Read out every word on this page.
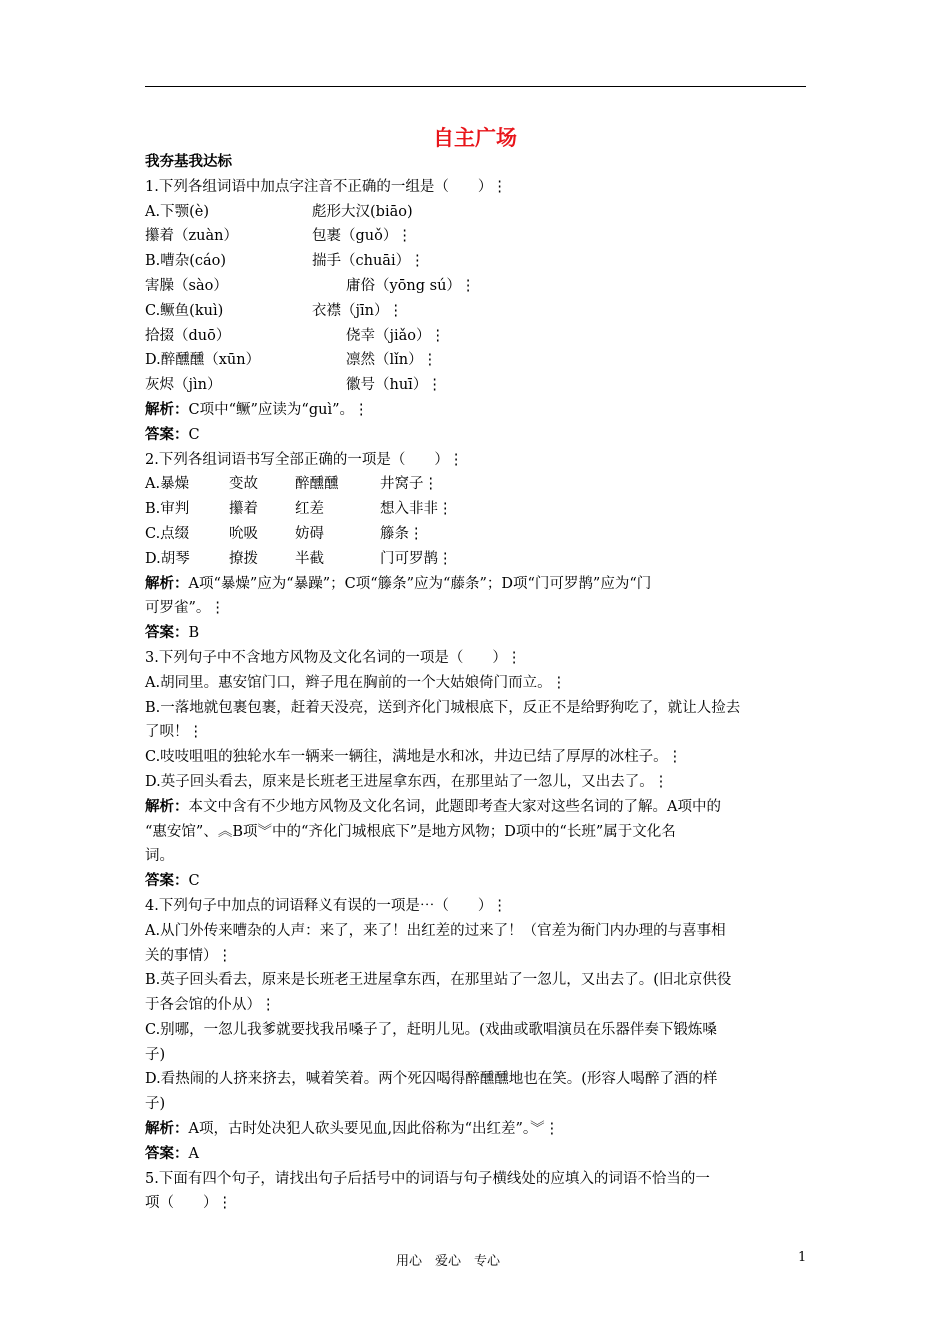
自主广场
我夯基我达标
1.下列各组词语中加点字注音不正确的一组是（　　）⋮
A.下颚(è)	彪形大汉(biāo)
攥着（zuàn）	包裹（guǒ）⋮
B.嘈杂(cáo)	揣手（chuāi）⋮
害臊（sào）	庸俗（yōng sú）⋮
C.鳜鱼(kuì)	衣襟（jīn）⋮
拾掇（duō）	侥幸（jiǎo）⋮
D.醉醺醺（xūn）	凛然（lǐn）⋮
灰烬（jìn）	徽号（huī）⋮
解析：C项中“鳜”应读为“guì”。⋮
答案：C
2.下列各组词语书写全部正确的一项是（　　）⋮
A.暴燥	变故	醉醺醺	井窝子⋮
B.审判	攥着	红差	想入非非⋮
C.点缀	吮吸	妨碍	籐条⋮
D.胡琴	撩拨	半截	门可罗鹊⋮
解析：A项“暴燥”应为“暴躁”；C项“籐条”应为“藤条”；D项“门可罗鹊”应为“门
可罗雀”。⋮
答案：B
3.下列句子中不含地方风物及文化名词的一项是（　　）⋮
A.胡同里。惠安馆门口，辫子甩在胸前的一个大姑娘倚门而立。⋮
B.一落地就包裹包裹，赶着天没亮，送到齐化门城根底下，反正不是给野狗吃了，就让人捡去
了呗！⋮
C.吱吱咀咀的独轮水车一辆来一辆往，满地是水和冰，井边已结了厚厚的冰柱子。⋮
D.英子回头看去，原来是长班老王进屋拿东西，在那里站了一忽儿，又出去了。⋮
解析：本文中含有不少地方风物及文化名词，此题即考查大家对这些名词的了解。A项中的
“惠安馆”、︽B项︾中的“齐化门城根底下”是地方风物；D项中的“长班”属于文化名
词。
答案：C
4.下列句子中加点的词语释义有误的一项是⋯（　　）⋮
A.从门外传来嘈杂的人声：来了，来了！出红差的过来了！（官差为衙门内办理的与喜事相
关的事情）⋮
B.英子回头看去，原来是长班老王进屋拿东西，在那里站了一忽儿，又出去了。(旧北京供役
于各会馆的仆从）⋮
C.别哪，一忽儿我爹就要找我吊嗓子了，赶明儿见。(戏曲或歌唱演员在乐器伴奏下锻炼嗓
子)
D.看热闹的人挤来挤去，喊着笑着。两个死囚喝得醉醺醺地也在笑。(形容人喝醉了酒的样
子)
解析：A项，古时处决犯人砍头要见血,因此俗称为“出红差”。︾⋮
答案：A
5.下面有四个句子，请找出句子后括号中的词语与句子横线处的应填入的词语不恰当的一
项（　　）⋮
用心　爱心　专心	1
